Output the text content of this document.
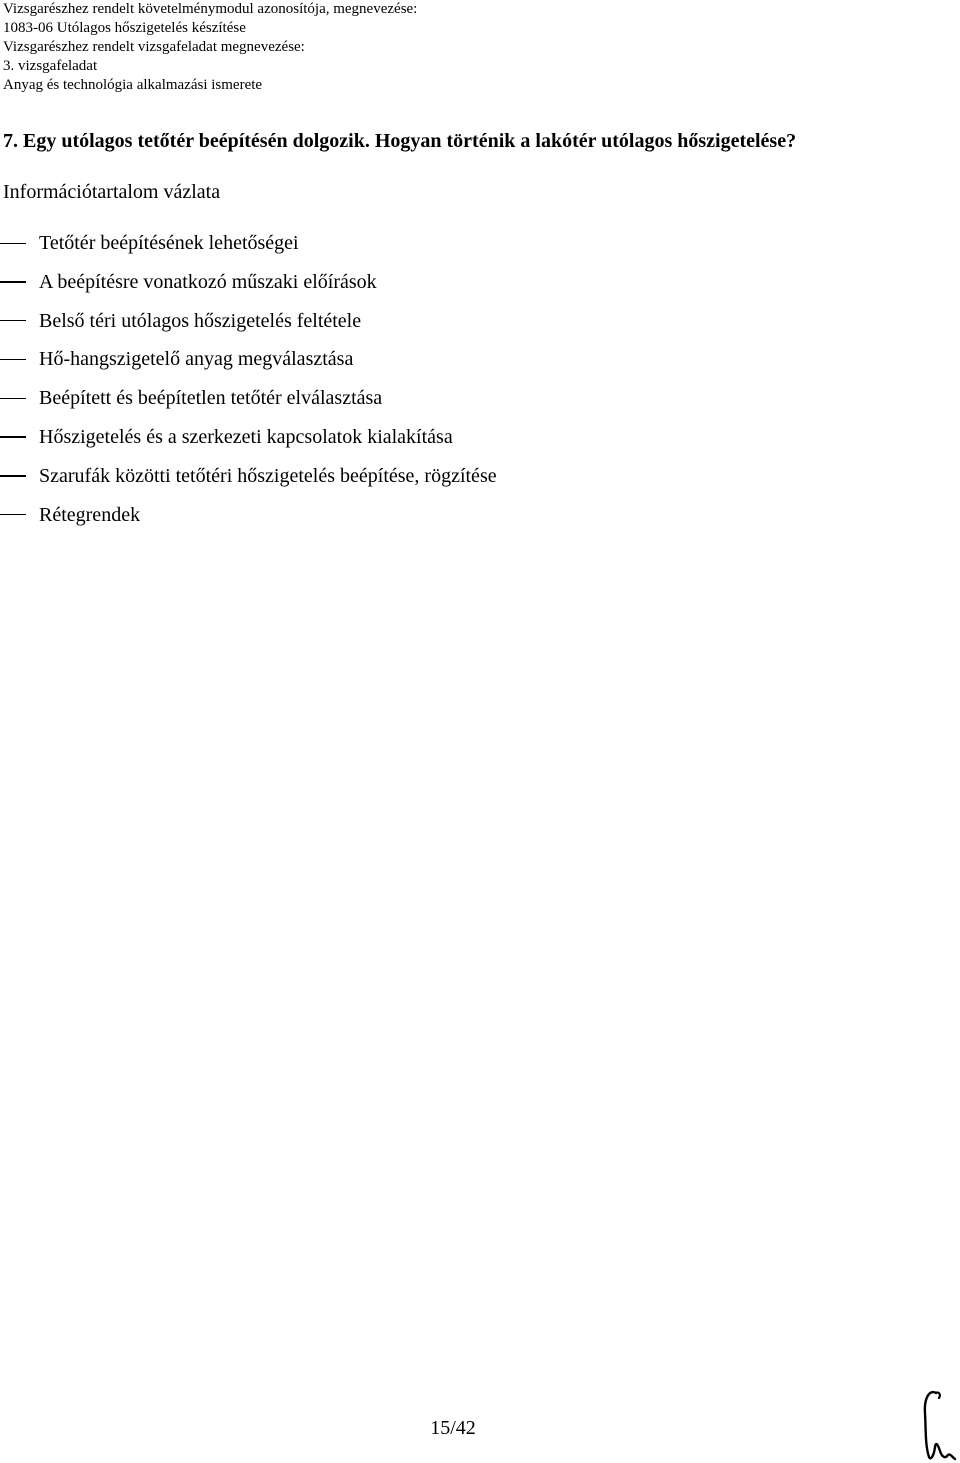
Vizsgarészhez rendelt követelménymodul azonosítója, megnevezése:
1083-06 Utólagos hőszigetelés készítése
Vizsgarészhez rendelt vizsgafeladat megnevezése:
3. vizsgafeladat
Anyag és technológia alkalmazási ismerete
7. Egy utólagos tetőtér beépítésén dolgozik. Hogyan történik a lakótér utólagos hőszigetelése?
Információtartalom vázlata
Tetőtér beépítésének lehetőségei
A beépítésre vonatkozó műszaki előírások
Belső téri utólagos hőszigetelés feltétele
Hő-hangszigetelő anyag megválasztása
Beépített és beépítetlen tetőtér elválasztása
Hőszigetelés és a szerkezeti kapcsolatok kialakítása
Szarufák közötti tetőtéri hőszigetelés beépítése, rögzítése
Rétegrendek
15/42
